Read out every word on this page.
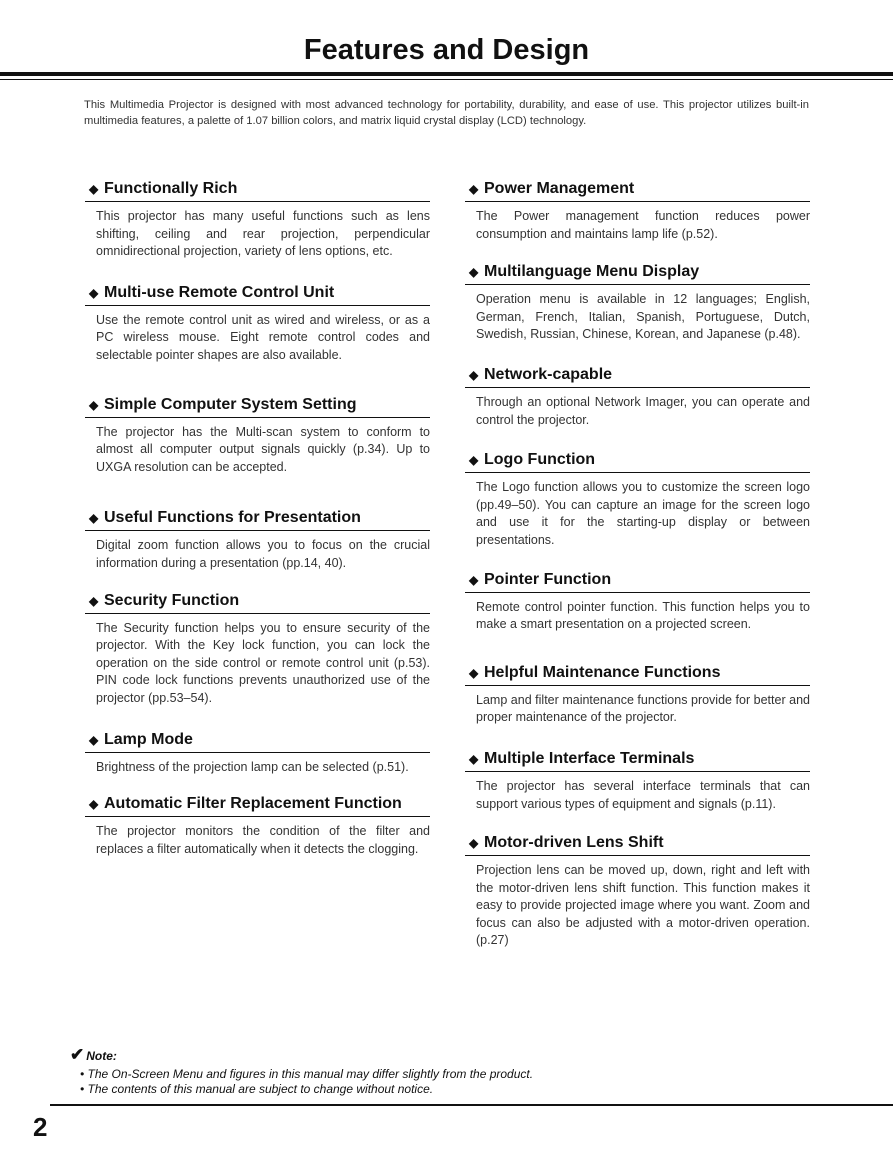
Features and Design

This Multimedia Projector is designed with most advanced technology for portability, durability, and ease of use. This projector utilizes built-in multimedia features, a palette of 1.07 billion colors, and matrix liquid crystal display (LCD) technology.

◆ Functionally Rich
This projector has many useful functions such as lens shifting, ceiling and rear projection, perpendicular omnidirectional projection, variety of lens options, etc.
◆ Multi-use Remote Control Unit
Use the remote control unit as wired and wireless, or as a PC wireless mouse. Eight remote control codes and selectable pointer shapes are also available.
◆ Simple Computer System Setting
The projector has the Multi-scan system to conform to almost all computer output signals quickly (p.34). Up to UXGA resolution can be accepted.
◆ Useful Functions for Presentation
Digital zoom function allows you to focus on the crucial information during a presentation (pp.14, 40).
◆ Security Function
The Security function helps you to ensure security of the projector. With the Key lock function, you can lock the operation on the side control or remote control unit (p.53). PIN code lock functions prevents unauthorized use of the projector (pp.53–54).
◆ Lamp Mode
Brightness of the projection lamp can be selected (p.51).
◆ Automatic Filter Replacement Function
The projector monitors the condition of the filter and replaces a filter automatically when it detects the clogging.
◆ Power Management
The Power management function reduces power consumption and maintains lamp life (p.52).
◆ Multilanguage Menu Display
Operation menu is available in 12 languages; English, German, French, Italian, Spanish, Portuguese, Dutch, Swedish, Russian, Chinese, Korean, and Japanese (p.48).
◆ Network-capable
Through an optional Network Imager, you can operate and control the projector.
◆ Logo Function
The Logo function allows you to customize the screen logo (pp.49–50). You can capture an image for the screen logo and use it for the starting-up display or between presentations.
◆ Pointer Function
Remote control pointer function. This function helps you to make a smart presentation on a projected screen.
◆ Helpful Maintenance Functions
Lamp and filter maintenance functions provide for better and proper maintenance of the projector.
◆ Multiple Interface Terminals
The projector has several interface terminals that can support various types of equipment and signals (p.11).
◆ Motor-driven Lens Shift
Projection lens can be moved up, down, right and left with the motor-driven lens shift function. This function makes it easy to provide projected image where you want. Zoom and focus can also be adjusted with a motor-driven operation. (p.27)
✔ Note:
• The On-Screen Menu and figures in this manual may differ slightly from the product.
• The contents of this manual are subject to change without notice.
2
